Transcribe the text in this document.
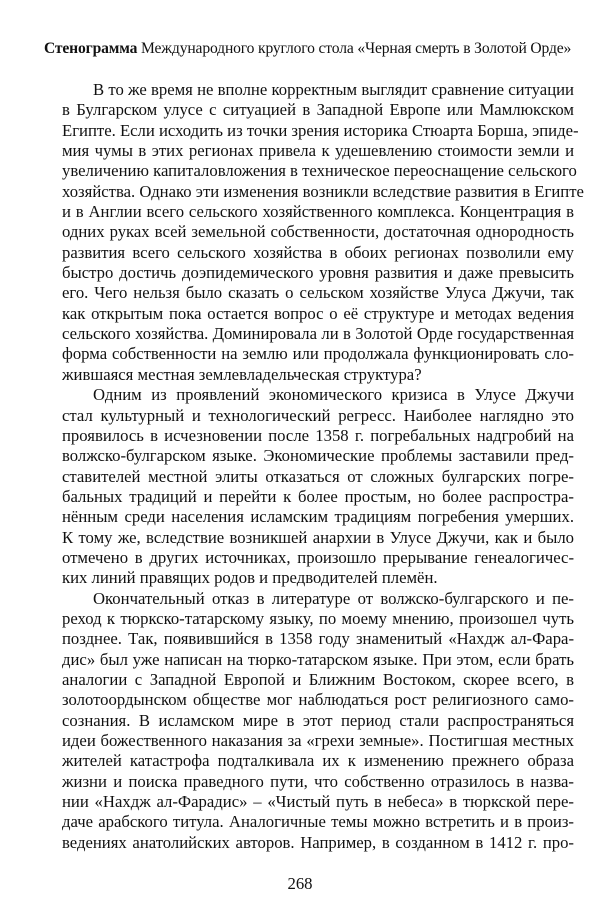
Стенограмма Международного круглого стола «Черная смерть в Золотой Орде»
В то же время не вполне корректным выглядит сравнение ситуации
в Булгарском улусе с ситуацией в Западной Европе или Мамлюкском
Египте. Если исходить из точки зрения историка Стюарта Борша, эпиде-
мия чумы в этих регионах привела к удешевлению стоимости земли и
увеличению капиталовложения в техническое переоснащение сельского
хозяйства. Однако эти изменения возникли вследствие развития в Египте
и в Англии всего сельского хозяйственного комплекса. Концентрация в
одних руках всей земельной собственности, достаточная однородность
развития всего сельского хозяйства в обоих регионах позволили ему
быстро достичь доэпидемического уровня развития и даже превысить
его. Чего нельзя было сказать о сельском хозяйстве Улуса Джучи, так
как открытым пока остается вопрос о её структуре и методах ведения
сельского хозяйства. Доминировала ли в Золотой Орде государственная
форма собственности на землю или продолжала функционировать сло-
жившаяся местная землевладельческая структура?
Одним из проявлений экономического кризиса в Улусе Джучи
стал культурный и технологический регресс. Наиболее наглядно это
проявилось в исчезновении после 1358 г. погребальных надгробий на
волжско-булгарском языке. Экономические проблемы заставили пред-
ставителей местной элиты отказаться от сложных булгарских погре-
бальных традиций и перейти к более простым, но более распростра-
нённым среди населения исламским традициям погребения умерших.
К тому же, вследствие возникшей анархии в Улусе Джучи, как и было
отмечено в других источниках, произошло прерывание генеалогичес-
ких линий правящих родов и предводителей племён.
Окончательный отказ в литературе от волжско-булгарского и пе-
реход к тюркско-татарскому языку, по моему мнению, произошел чуть
позднее. Так, появившийся в 1358 году знаменитый «Нахдж ал-Фара-
дис» был уже написан на тюрко-татарском языке. При этом, если брать
аналогии с Западной Европой и Ближним Востоком, скорее всего, в
золотоордынском обществе мог наблюдаться рост религиозного само-
сознания. В исламском мире в этот период стали распространяться
идеи божественного наказания за «грехи земные». Постигшая местных
жителей катастрофа подталкивала их к изменению прежнего образа
жизни и поиска праведного пути, что собственно отразилось в назва-
нии «Нахдж ал-Фарадис» – «Чистый путь в небеса» в тюркской пере-
даче арабского титула. Аналогичные темы можно встретить и в произ-
ведениях анатолийских авторов. Например, в созданном в 1412 г. про-
268
